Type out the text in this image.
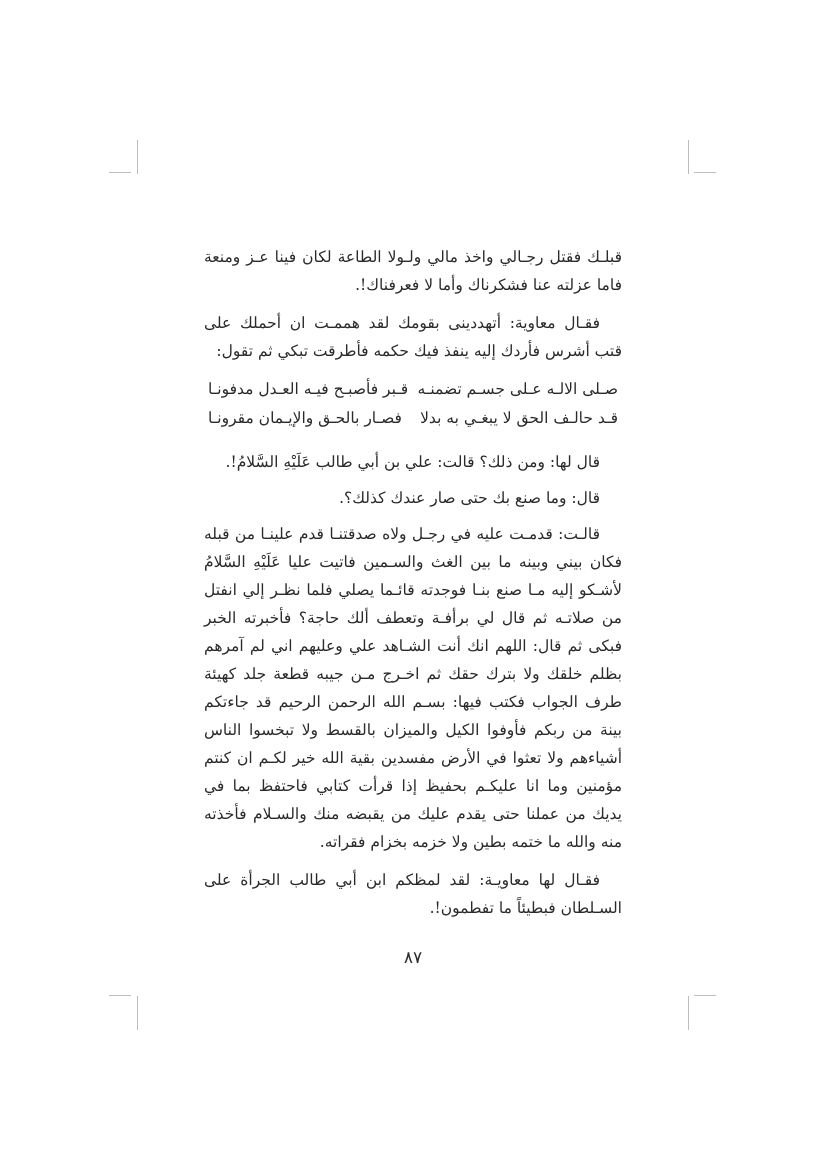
قبلـك فقتل رجـالي واخذ مالي ولـولا الطاعة لكان فينا عـز ومنعة فاما عزلته عنا فشكرناك وأما لا فعرفناك!.

فقـال معاوية: أتهددينى بقومك لقد هممـت ان أحملك على قتب أشرس فأردك إليه ينفذ فيك حكمه فأطرقت تبكي ثم تقول:

صـلى الالـه عـلى جسـم تضمنـه
قـبر فأصبـح فيـه العـدل مدفونـا
قـد حالـف الحق لا يبغـي به بدلا
فصـار بالحـق والإيـمان مقرونـا

قال لها: ومن ذلك؟ قالت: علي بن أبي طالب عَلَيْهِ السَّلامُ!.

قال: وما صنع بك حتى صار عندك كذلك؟.

قالـت: قدمـت عليه في رجـل ولاه صدقتنـا قدم علينـا من قبله فكان بيني وبينه ما بين الغث والسـمين فاتيت عليا عَلَيْهِ السَّلامُ لأشـكو إليه مـا صنع بنـا فوجدته قائـما يصلي فلما نظـر إلي انفتل من صلاتـه ثم قال لي برأفـة وتعطف ألك حاجة؟ فأخبرته الخبر فبكى ثم قال: اللهم انك أنت الشـاهد علي وعليهم اني لم آمرهم بظلم خلقك ولا بترك حقك ثم اخـرج مـن جيبه قطعة جلد كهيئة طرف الجواب فكتب فيها: بسـم الله الرحمن الرحيم قد جاءتكم بينة من ربكم فأوفوا الكيل والميزان بالقسط ولا تبخسوا الناس أشياءهم ولا تعثوا في الأرض مفسدين بقية الله خير لكـم ان كنتم مؤمنين وما انا عليكـم بحفيظ إذا قرأت كتابي فاحتفظ بما في يديك من عملنا حتى يقدم عليك من يقبضه منك والسـلام فأخذته منه والله ما ختمه بطين ولا خزمه بخزام فقراته.

فقـال لها معاويـة: لقد لمظكم ابن أبي طالب الجرأة على السـلطان فبطيئاً ما تفطمون!.

٨٧
